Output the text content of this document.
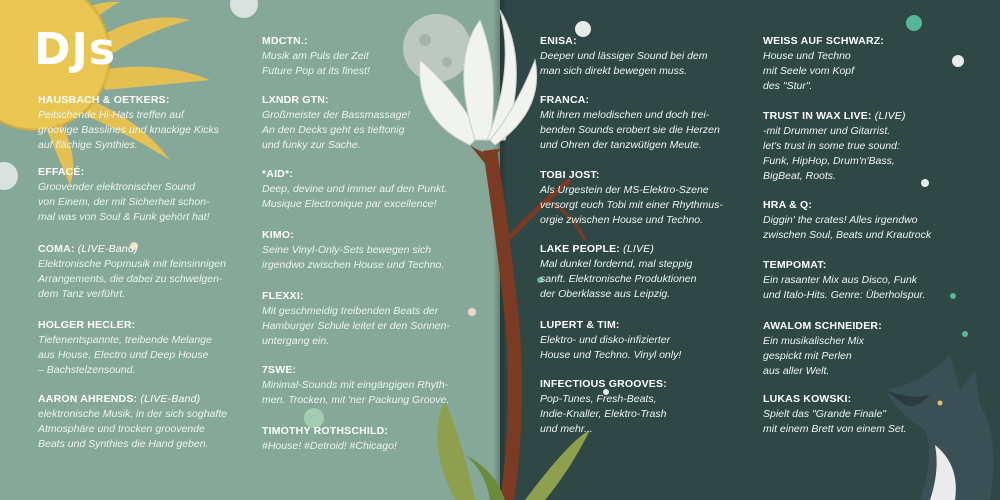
DJs
HAUSBACH & OETKERS:
Peitschende Hi-Hats treffen auf
groovige Basslines und knackige Kicks
auf flächige Synthies.
EFFACÉ:
Groovender elektronischer Sound
von Einem, der mit Sicherheit schon-
mal was von Soul & Funk gehört hat!
COMA: (LIVE-Band)
Elektronische Popmusik mit feinsinnigen
Arrangements, die dabei zu schwelgen-
dem Tanz verführt.
HOLGER HECLER:
Tiefenentspannte, treibende Melange
aus House, Electro und Deep House
– Bachstelzensound.
AARON AHRENDS: (LIVE-Band)
elektronische Musik, in der sich soghafte
Atmosphäre und trocken groovende
Beats und Synthies die Hand geben.
MDCTN.:
Musik am Puls der Zeit
Future Pop at its finest!
LXNDR GTN:
Großmeister der Bassmassage!
An den Decks geht es tieftonig
und funky zur Sache.
*AID*:
Deep, devine und immer auf den Punkt.
Musique Electronique par excellence!
KIMO:
Seine Vinyl-Only-Sets bewegen sich
irgendwo zwischen House und Techno.
FLEXXI:
Mit geschmeidig treibenden Beats der
Hamburger Schule leitet er den Sonnen-
untergang ein.
7SWE:
Minimal-Sounds mit eingängigen Rhyth-
men. Trocken, mit 'ner Packung Groove.
TIMOTHY ROTHSCHILD:
#House! #Detroid! #Chicago!
ENISA:
Deeper und lässiger Sound bei dem
man sich direkt bewegen muss.
FRANCA:
Mit ihren melodischen und doch trei-
benden Sounds erobert sie die Herzen
und Ohren der tanzwütigen Meute.
TOBI JOST:
Als Urgestein der MS-Elektro-Szene
versorgt euch Tobi mit einer Rhythmus-
orgie zwischen House und Techno.
LAKE PEOPLE: (LIVE)
Mal dunkel fordernd, mal steppig
sanft. Elektronische Produktionen
der Oberklasse aus Leipzig.
LUPERT & TIM:
Elektro- und disko-infizierter
House und Techno. Vinyl only!
INFECTIOUS GROOVES:
Pop-Tunes, Fresh-Beats,
Indie-Knaller, Elektro-Trash
und mehr...
WEISS AUF SCHWARZ:
House und Techno
mit Seele vom Kopf
des "Stur".
TRUST IN WAX LIVE: (LIVE)
-mit Drummer und Gitarrist.
let's trust in some true sound:
Funk, HipHop, Drum'n'Bass,
BigBeat, Roots.
HRA & Q:
Diggin' the crates! Alles irgendwo
zwischen Soul, Beats und Krautrock
TEMPOMAT:
Ein rasanter Mix aus Disco, Funk
und Italo-Hits. Genre: Überholspur.
AWALOM SCHNEIDER:
Ein musikalischer Mix
gespickt mit Perlen
aus aller Welt.
LUKAS KOWSKI:
Spielt das "Grande Finale"
mit einem Brett von einem Set.
